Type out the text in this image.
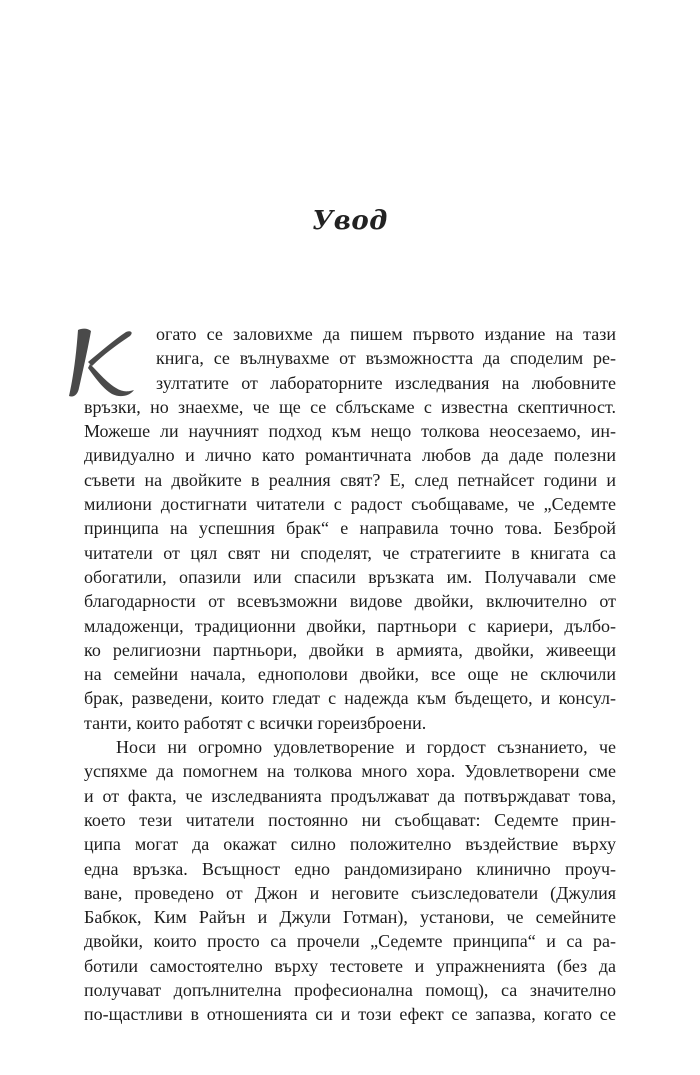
Увод
огато се заловихме да пишем първото издание на тази
книга, се вълнувахме от възможността да споделим ре-
зултатите от лабораторните изследвания на любовните
връзки, но знаехме, че ще се сблъскаме с известна скептичност.
Можеше ли научният подход към нещо толкова неосезаемо, ин-
дивидуално и лично като романтичната любов да даде полезни
съвети на двойките в реалния свят? Е, след петнайсет години и
милиони достигнати читатели с радост съобщаваме, че „Седемте
принципа на успешния брак“ е направила точно това. Безброй
читатели от цял свят ни споделят, че стратегиите в книгата са
обогатили, опазили или спасили връзката им. Получавали сме
благодарности от всевъзможни видове двойки, включително от
младоженци, традиционни двойки, партньори с кариери, дълбо-
ко религиозни партньори, двойки в армията, двойки, живеещи
на семейни начала, еднополови двойки, все още не сключили
брак, разведени, които гледат с надежда към бъдещето, и консул-
танти, които работят с всички гореизброени.
Носи ни огромно удовлетворение и гордост съзнанието, че
успяхме да помогнем на толкова много хора. Удовлетворени сме
и от факта, че изследванията продължават да потвърждават това,
което тези читатели постоянно ни съобщават: Седемте прин-
ципа могат да окажат силно положително въздействие върху
една връзка. Всъщност едно рандомизирано клинично проуч-
ване, проведено от Джон и неговите съизследователи (Джулия
Бабкок, Ким Райън и Джули Готман), установи, че семейните
двойки, които просто са прочели „Седемте принципа“ и са ра-
ботили самостоятелно върху тестовете и упражненията (без да
получават допълнителна професионална помощ), са значително
по-щастливи в отношенията си и този ефект се запазва, когато се
